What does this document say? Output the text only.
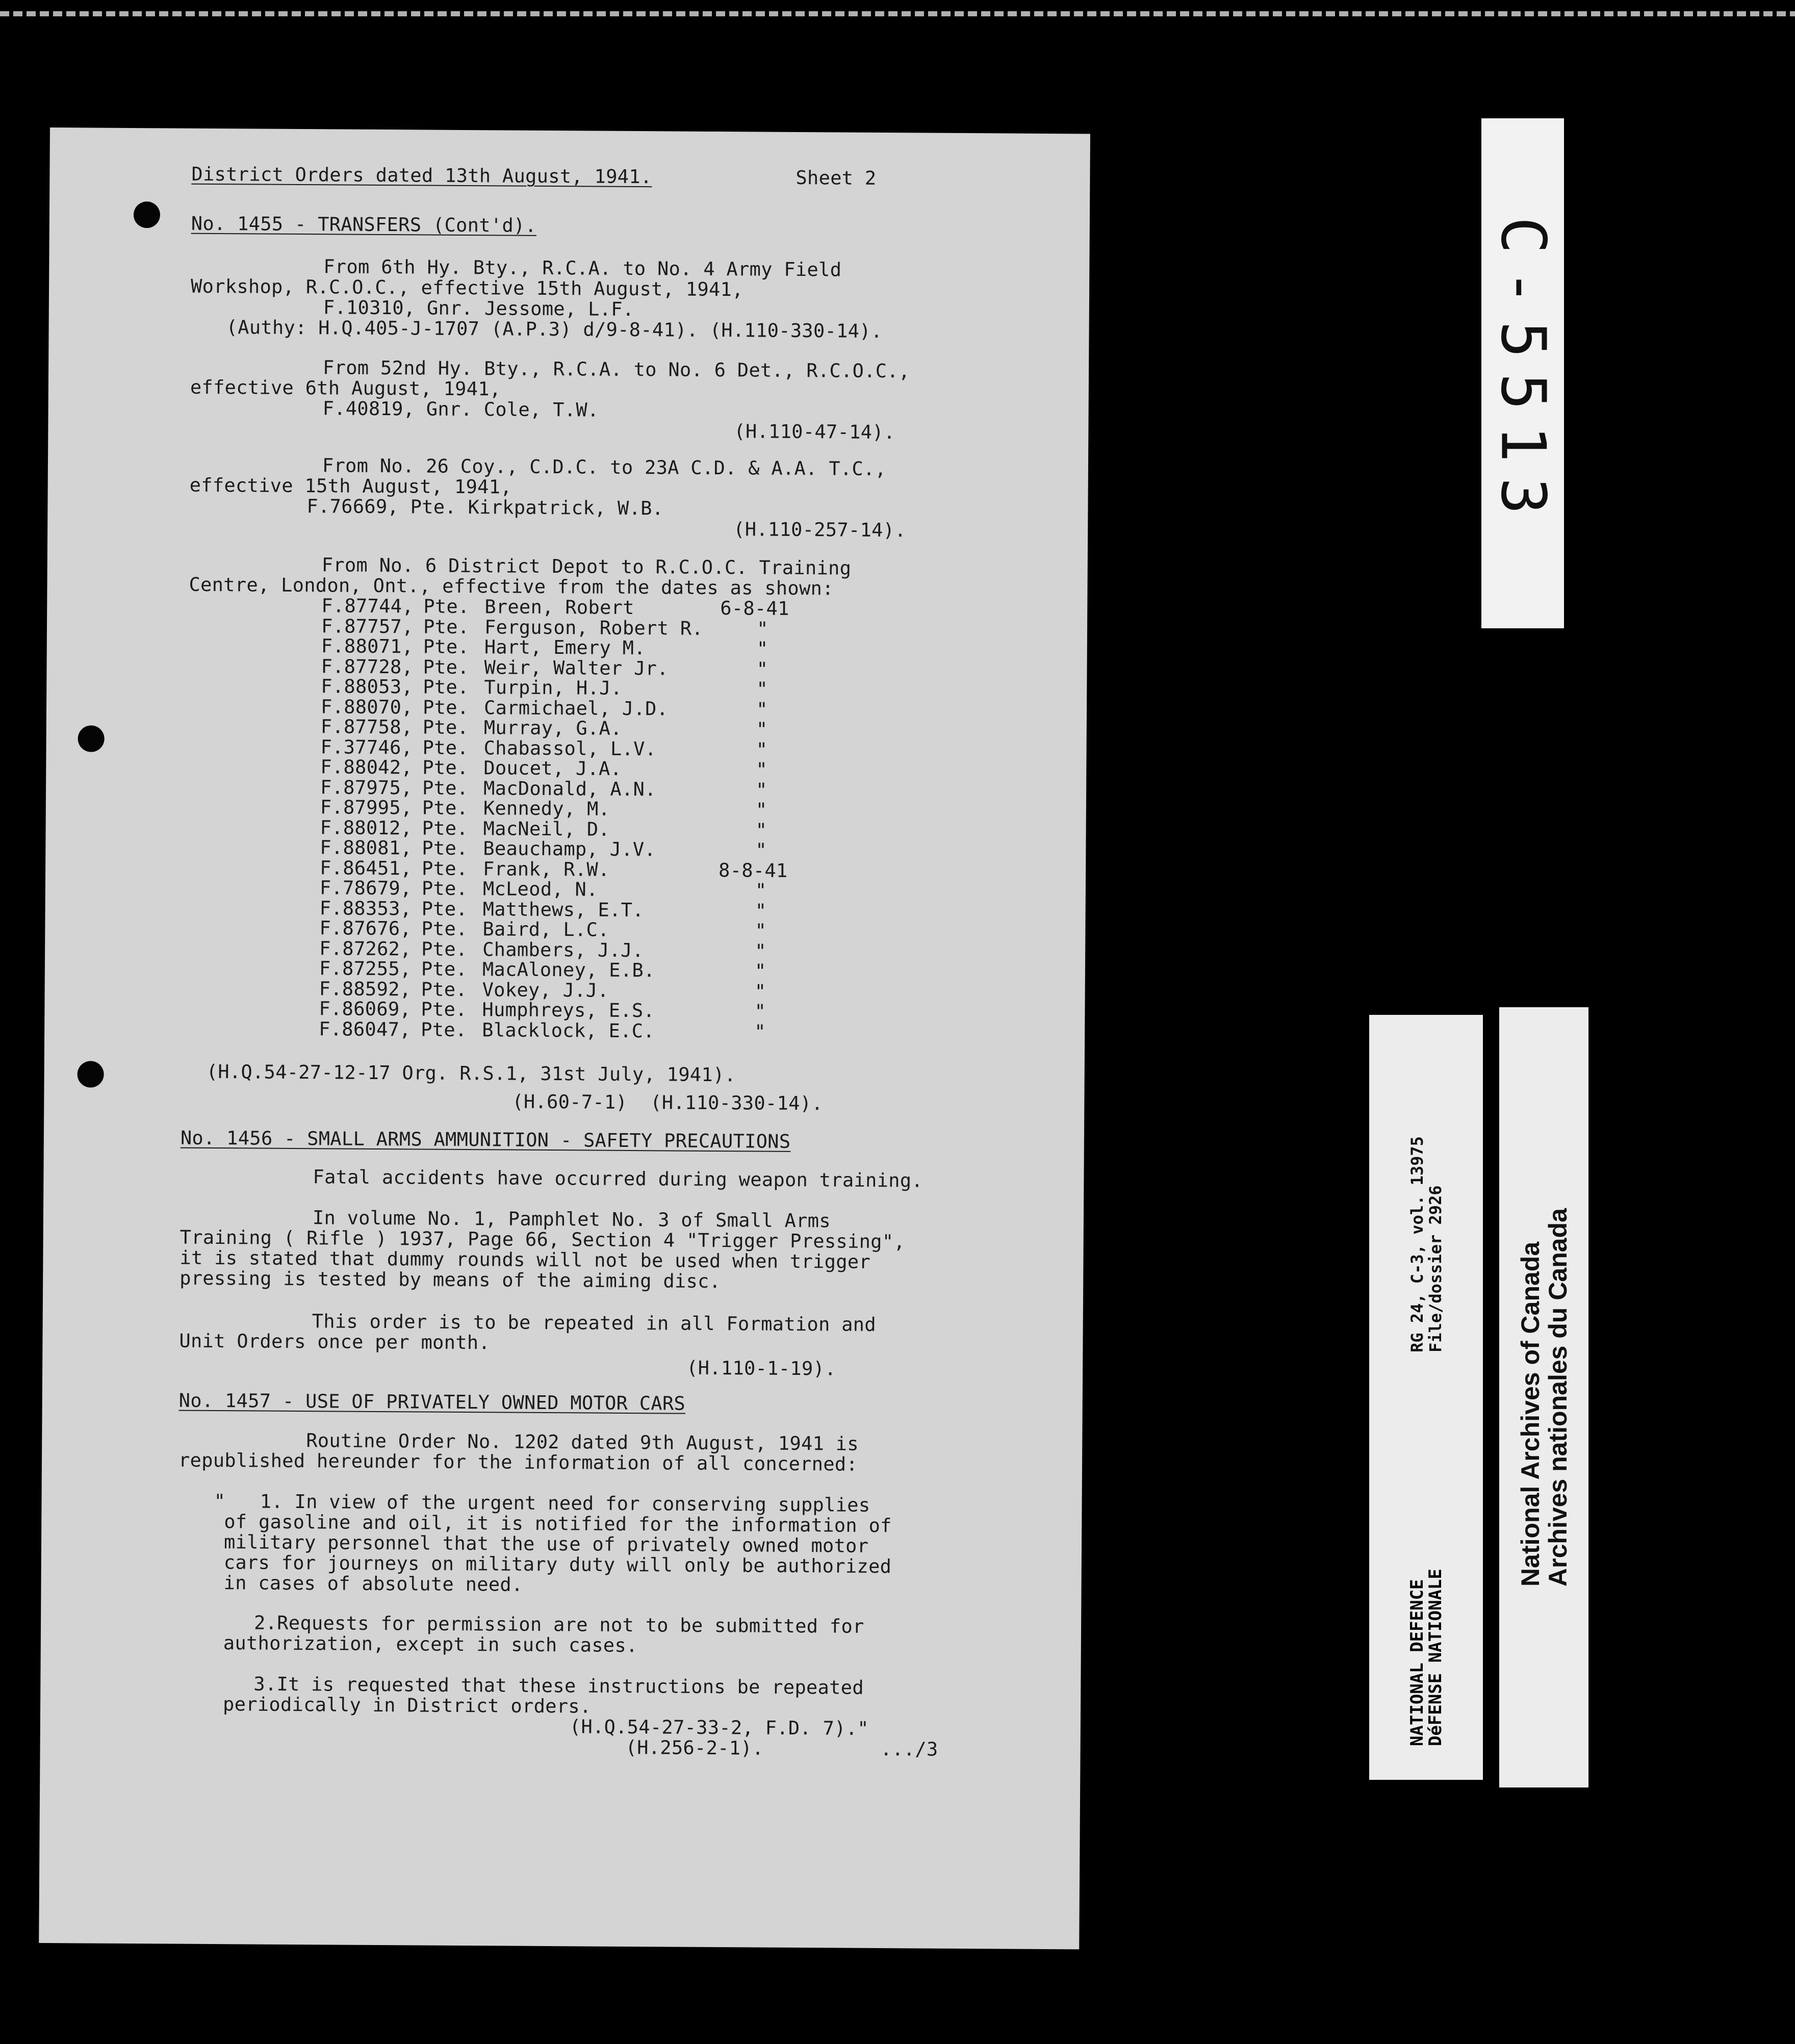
District Orders dated 13th August, 1941.	Sheet 2
No. 1455 - TRANSFERS (Cont'd).
From 6th Hy. Bty., R.C.A. to No. 4 Army Field
Workshop, R.C.O.C., effective 15th August, 1941,
F.10310, Gnr. Jessome, L.F.
(Authy: H.Q.405-J-1707 (A.P.3) d/9-8-41). (H.110-330-14).
From 52nd Hy. Bty., R.C.A. to No. 6 Det., R.C.O.C.,
effective 6th August, 1941,
F.40819, Gnr. Cole, T.W.
(H.110-47-14).
From No. 26 Coy., C.D.C. to 23A C.D. & A.A. T.C.,
effective 15th August, 1941,
F.76669, Pte. Kirkpatrick, W.B.
(H.110-257-14).
From No. 6 District Depot to R.C.O.C. Training
Centre, London, Ont., effective from the dates as shown:
F.87744, Pte. Breen, Robert	6-8-41
F.87757, Pte. Ferguson, Robert R.	"
F.88071, Pte. Hart, Emery M.	"
F.87728, Pte. Weir, Walter Jr.	"
F.88053, Pte. Turpin, H.J.	"
F.88070, Pte. Carmichael, J.D.	"
F.87758, Pte. Murray, G.A.	"
F.37746, Pte. Chabassol, L.V.	"
F.88042, Pte. Doucet, J.A.	"
F.87975, Pte. MacDonald, A.N.	"
F.87995, Pte. Kennedy, M.	"
F.88012, Pte. MacNeil, D.	"
F.88081, Pte. Beauchamp, J.V.	"
F.86451, Pte. Frank, R.W.	8-8-41
F.78679, Pte. McLeod, N.	"
F.88353, Pte. Matthews, E.T.	"
F.87676, Pte. Baird, L.C.	"
F.87262, Pte. Chambers, J.J.	"
F.87255, Pte. MacAloney, E.B.	"
F.88592, Pte. Vokey, J.J.	"
F.86069, Pte. Humphreys, E.S.	"
F.86047, Pte. Blacklock, E.C.	"
(H.Q.54-27-12-17 Org. R.S.1, 31st July, 1941).
(H.60-7-1)  (H.110-330-14).
No. 1456 - SMALL ARMS AMMUNITION - SAFETY PRECAUTIONS
Fatal accidents have occurred during weapon training.
In volume No. 1, Pamphlet No. 3 of Small Arms
Training ( Rifle ) 1937, Page 66, Section 4 "Trigger Pressing",
it is stated that dummy rounds will not be used when trigger
pressing is tested by means of the aiming disc.
This order is to be repeated in all Formation and
Unit Orders once per month.
(H.110-1-19).
No. 1457 - USE OF PRIVATELY OWNED MOTOR CARS
Routine Order No. 1202 dated 9th August, 1941 is
republished hereunder for the information of all concerned:
"   1. In view of the urgent need for conserving supplies
of gasoline and oil, it is notified for the information of
military personnel that the use of privately owned motor
cars for journeys on military duty will only be authorized
in cases of absolute need.
2.Requests for permission are not to be submitted for
authorization, except in such cases.
3.It is requested that these instructions be repeated
periodically in District orders.
(H.Q.54-27-33-2, F.D. 7)."
(H.256-2-1).	.../3
C-5513
RG 24, C-3, vol. 13975
File/dossier 2926
NATIONAL DEFENCE
DéFENSE NATIONALE
National Archives of Canada
Archives nationales du Canada
